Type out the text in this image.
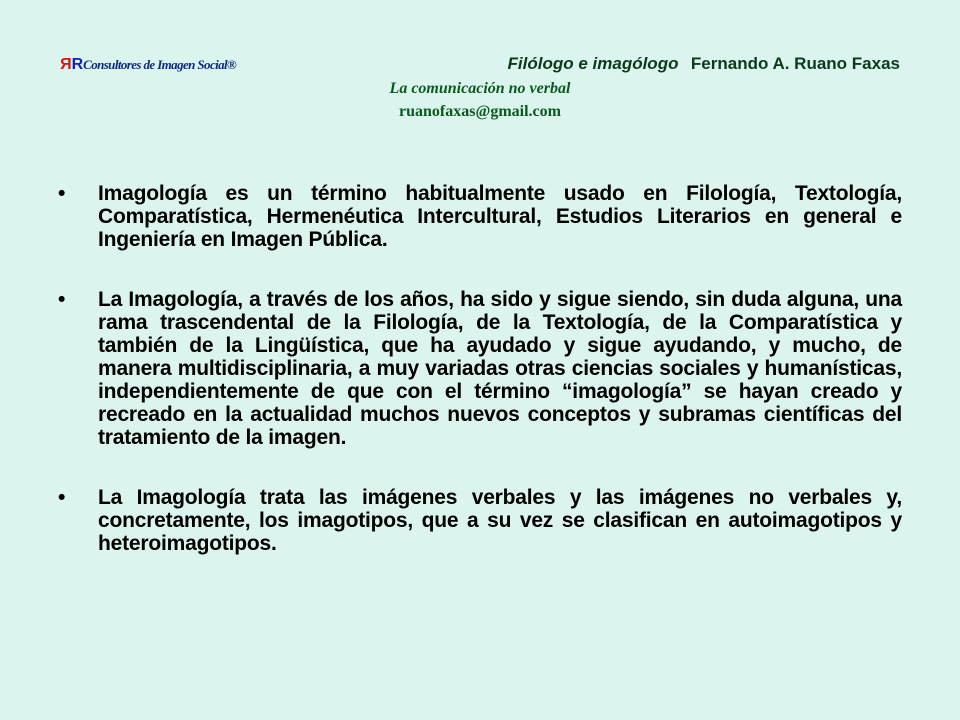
RRConsultores de Imagen Social®	Filólogo e imagólogo Fernando A. Ruano Faxas
La comunicación no verbal
ruanofaxas@gmail.com
•	Imagología es un término habitualmente usado en Filología, Textología, Comparatística, Hermenéutica Intercultural, Estudios Literarios en general e Ingeniería en Imagen Pública.
•	La Imagología, a través de los años, ha sido y sigue siendo, sin duda alguna, una rama trascendental de la Filología, de la Textología, de la Comparatística y también de la Lingüística, que ha ayudado y sigue ayudando, y mucho, de manera multidisciplinaria, a muy variadas otras ciencias sociales y humanísticas, independientemente de que con el término “imagología” se hayan creado y recreado en la actualidad muchos nuevos conceptos y subramas científicas del tratamiento de la imagen.
•	La Imagología trata las imágenes verbales y las imágenes no verbales y, concretamente, los imagotipos, que a su vez se clasifican en autoimagotipos y heteroimagotipos.
